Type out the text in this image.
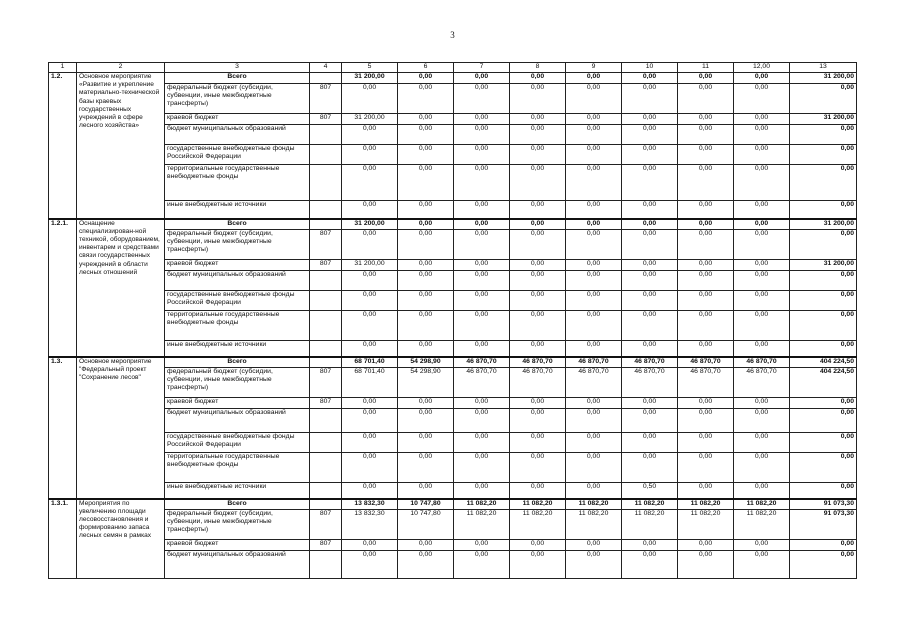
3
1	2	3	4	5	6	7	8	9	10	11	12,00	13
1.2.	Основное мероприятие «Развитие и укрепление материально-технической базы краевых государственных учреждений в сфере лесного хозяйства»	Всего		31 200,00	0,00	0,00	0,00	0,00	0,00	0,00	0,00	31 200,00
		федеральный бюджет (субсидии, субвенции, иные межбюджетные трансферты)	807	0,00	0,00	0,00	0,00	0,00	0,00	0,00	0,00	0,00
		краевой бюджет	807	31 200,00	0,00	0,00	0,00	0,00	0,00	0,00	0,00	31 200,00
		бюджет муниципальных образований		0,00	0,00	0,00	0,00	0,00	0,00	0,00	0,00	0,00
		государственные внебюджетные фонды Российской Федерации		0,00	0,00	0,00	0,00	0,00	0,00	0,00	0,00	0,00
		территориальные государственные внебюджетные фонды		0,00	0,00	0,00	0,00	0,00	0,00	0,00	0,00	0,00
		иные внебюджетные источники		0,00	0,00	0,00	0,00	0,00	0,00	0,00	0,00	0,00
1.2.1.	Оснащение специализирован-ной техникой, оборудованием, инвентарем и средствами связи государственных учреждений в области лесных отношений	Всего		31 200,00	0,00	0,00	0,00	0,00	0,00	0,00	0,00	31 200,00
		федеральный бюджет (субсидии, субвенции, иные межбюджетные трансферты)	807	0,00	0,00	0,00	0,00	0,00	0,00	0,00	0,00	0,00
		краевой бюджет	807	31 200,00	0,00	0,00	0,00	0,00	0,00	0,00	0,00	31 200,00
		бюджет муниципальных образований		0,00	0,00	0,00	0,00	0,00	0,00	0,00	0,00	0,00
		государственные внебюджетные фонды Российской Федерации		0,00	0,00	0,00	0,00	0,00	0,00	0,00	0,00	0,00
		территориальные государственные внебюджетные фонды		0,00	0,00	0,00	0,00	0,00	0,00	0,00	0,00	0,00
		иные внебюджетные источники		0,00	0,00	0,00	0,00	0,00	0,00	0,00	0,00	0,00
1.3.	Основное мероприятие "Федеральный проект "Сохранение лесов"	Всего		68 701,40	54 298,90	46 870,70	46 870,70	46 870,70	46 870,70	46 870,70	46 870,70	404 224,50
		федеральный бюджет (субсидии, субвенции, иные межбюджетные трансферты)	807	68 701,40	54 298,90	46 870,70	46 870,70	46 870,70	46 870,70	46 870,70	46 870,70	404 224,50
		краевой бюджет	807	0,00	0,00	0,00	0,00	0,00	0,00	0,00	0,00	0,00
		бюджет муниципальных образований		0,00	0,00	0,00	0,00	0,00	0,00	0,00	0,00	0,00
		государственные внебюджетные фонды Российской Федерации		0,00	0,00	0,00	0,00	0,00	0,00	0,00	0,00	0,00
		территориальные государственные внебюджетные фонды		0,00	0,00	0,00	0,00	0,00	0,00	0,00	0,00	0,00
		иные внебюджетные источники		0,00	0,00	0,00	0,00	0,00	0,50	0,00	0,00	0,00
1.3.1.	Мероприятия по увеличению площади лесовосстановления и формированию запаса лесных семян в рамках	Всего		13 832,30	10 747,80	11 082,20	11 082,20	11 082,20	11 082,20	11 082,20	11 082,20	91 073,30
		федеральный бюджет (субсидии, субвенции, иные межбюджетные трансферты)	807	13 832,30	10 747,80	11 082,20	11 082,20	11 082,20	11 082,20	11 082,20	11 082,20	91 073,30
		краевой бюджет	807	0,00	0,00	0,00	0,00	0,00	0,00	0,00	0,00	0,00
		бюджет муниципальных образований		0,00	0,00	0,00	0,00	0,00	0,00	0,00	0,00	0,00
